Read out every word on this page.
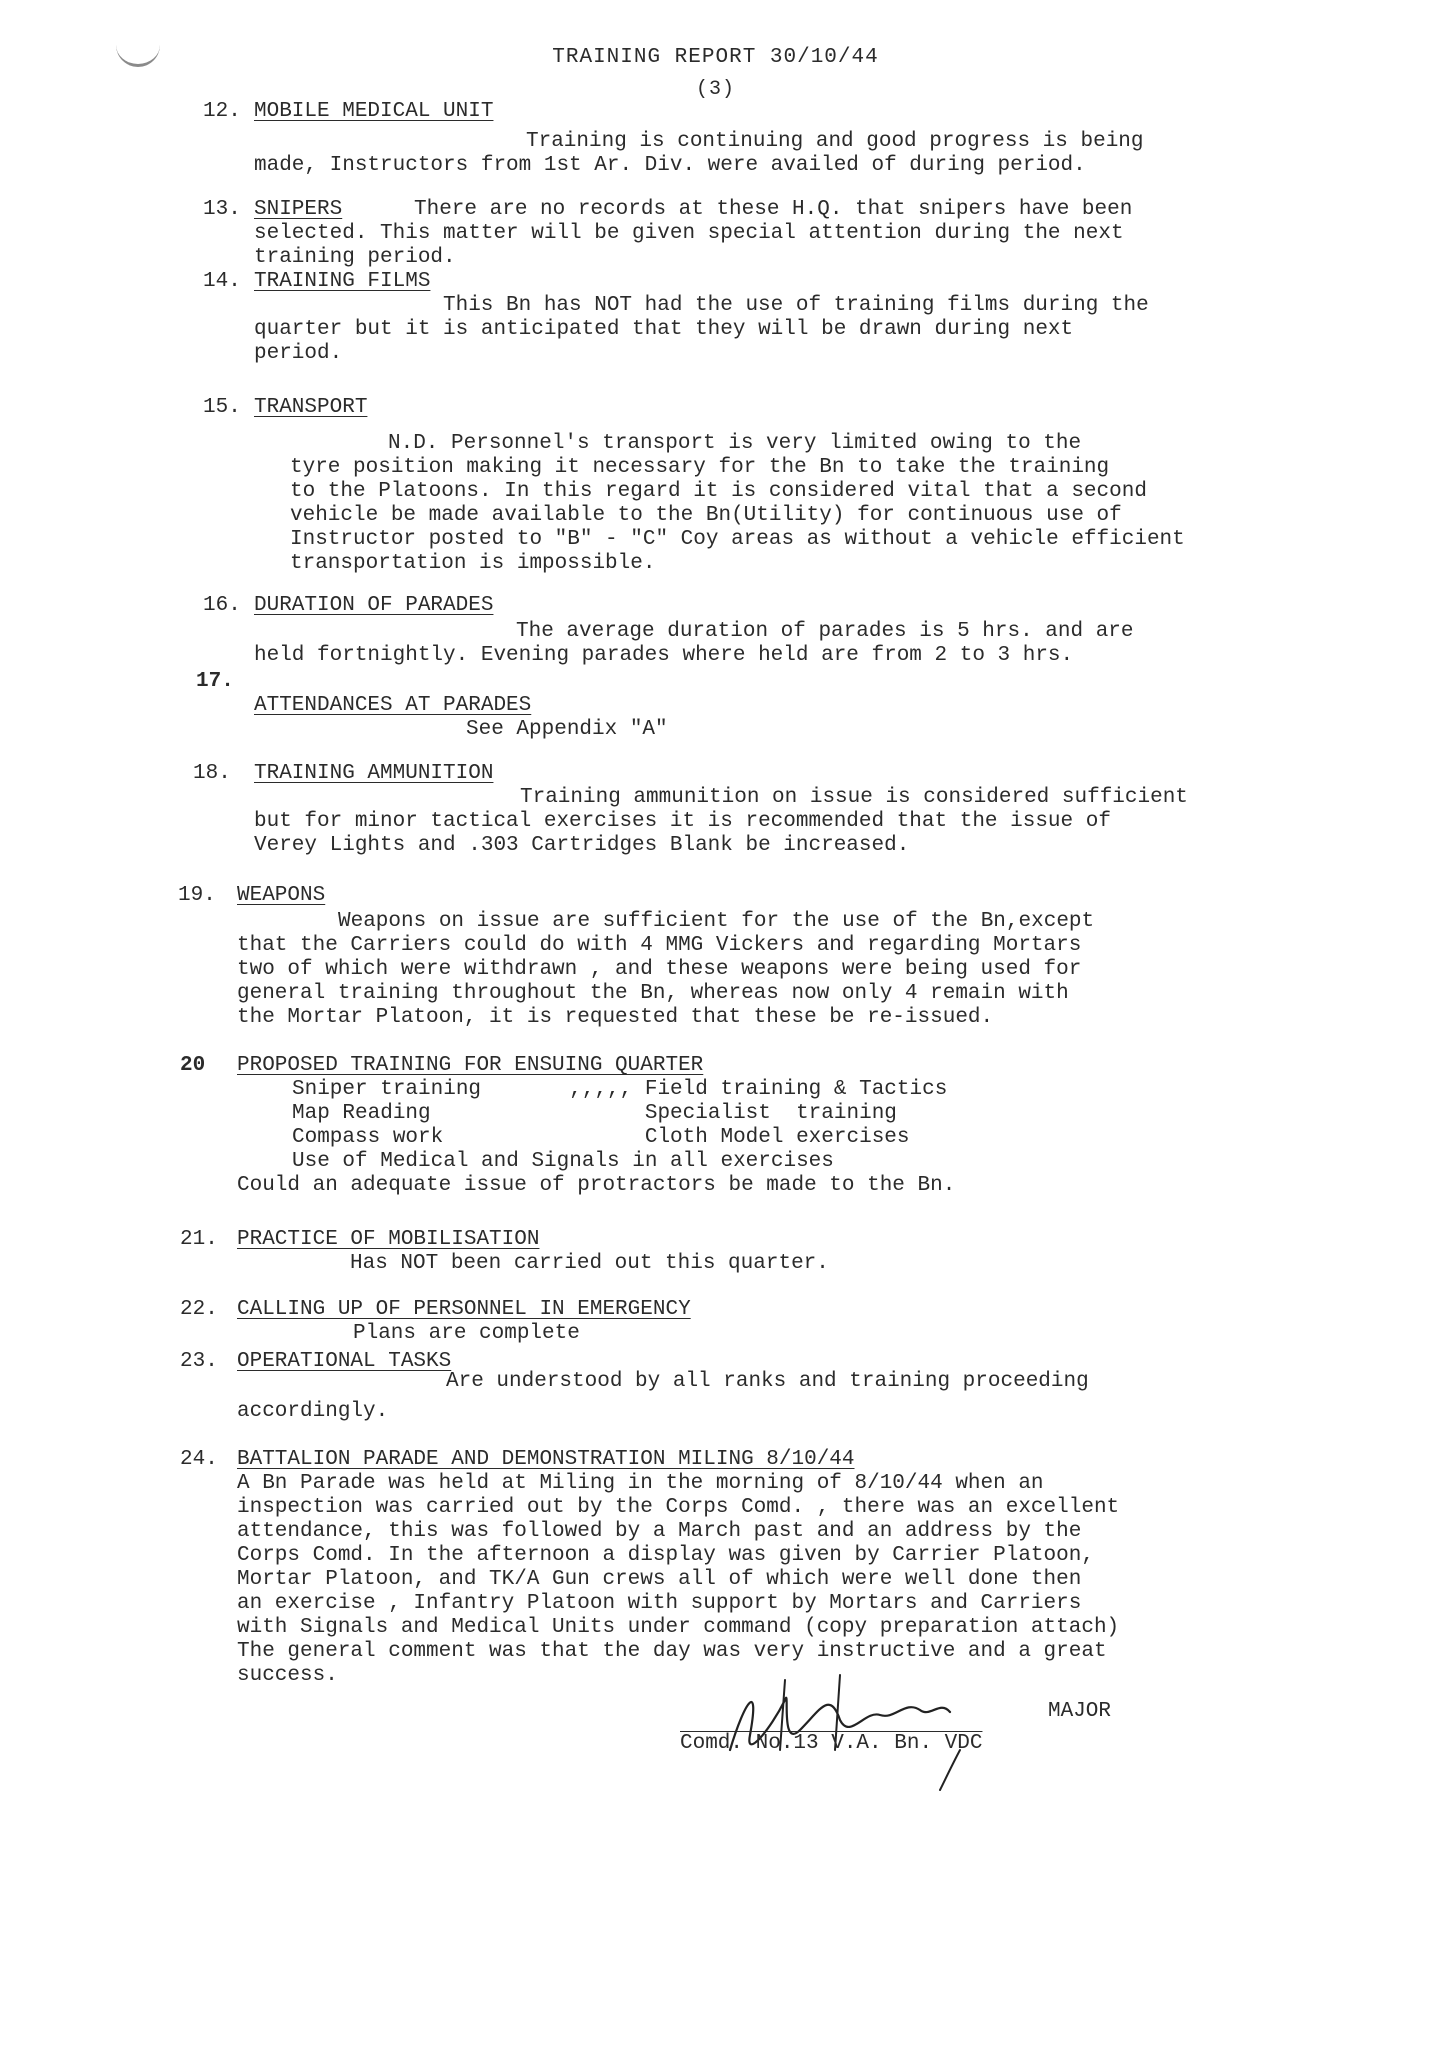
TRAINING REPORT 30/10/44
(3)
12. MOBILE MEDICAL UNIT
Training is continuing and good progress is being
made, Instructors from 1st Ar. Div. were availed of during period.
13. SNIPERS	There are no records at these H.Q. that snipers have been
selected. This matter will be given special attention during the next
training period.
14. TRAINING FILMS
This Bn has NOT had the use of training films during the
quarter but it is anticipated that they will be drawn during next
period.
15. TRANSPORT
N.D. Personnel's transport is very limited owing to the
tyre position making it necessary for the Bn to take the training
to the Platoons. In this regard it is considered vital that a second
vehicle be made available to the Bn(Utility) for continuous use of
Instructor posted to "B" - "C" Coy areas as without a vehicle efficient
transportation is impossible.
16. DURATION OF PARADES
The average duration of parades is 5 hrs. and are
held fortnightly. Evening parades where held are from 2 to 3 hrs.
17.
ATTENDANCES AT PARADES
See Appendix "A"
18. TRAINING AMMUNITION
Training ammunition on issue is considered sufficient
but for minor tactical exercises it is recommended that the issue of
Verey Lights and .303 Cartridges Blank be increased.
19. WEAPONS
Weapons on issue are sufficient for the use of the Bn,except
that the Carriers could do with 4 MMG Vickers and regarding Mortars
two of which were withdrawn , and these weapons were being used for
general training throughout the Bn, whereas now only 4 remain with
the Mortar Platoon, it is requested that these be re-issued.
20 PROPOSED TRAINING FOR ENSUING QUARTER
Sniper training       ,,,,, Field training & Tactics
Map Reading                 Specialist  training
Compass work                Cloth Model exercises
Use of Medical and Signals in all exercises
Could an adequate issue of protractors be made to the Bn.
21. PRACTICE OF MOBILISATION
Has NOT been carried out this quarter.
22. CALLING UP OF PERSONNEL IN EMERGENCY
Plans are complete
23. OPERATIONAL TASKS
Are understood by all ranks and training proceeding
accordingly.
24. BATTALION PARADE AND DEMONSTRATION MILING 8/10/44
A Bn Parade was held at Miling in the morning of 8/10/44 when an
inspection was carried out by the Corps Comd. , there was an excellent
attendance, this was followed by a March past and an address by the
Corps Comd. In the afternoon a display was given by Carrier Platoon,
Mortar Platoon, and TK/A Gun crews all of which were well done then
an exercise , Infantry Platoon with support by Mortars and Carriers
with Signals and Medical Units under command (copy preparation attach)
The general comment was that the day was very instructive and a great
success.
MAJOR
Comd. No.13 V.A. Bn. VDC
